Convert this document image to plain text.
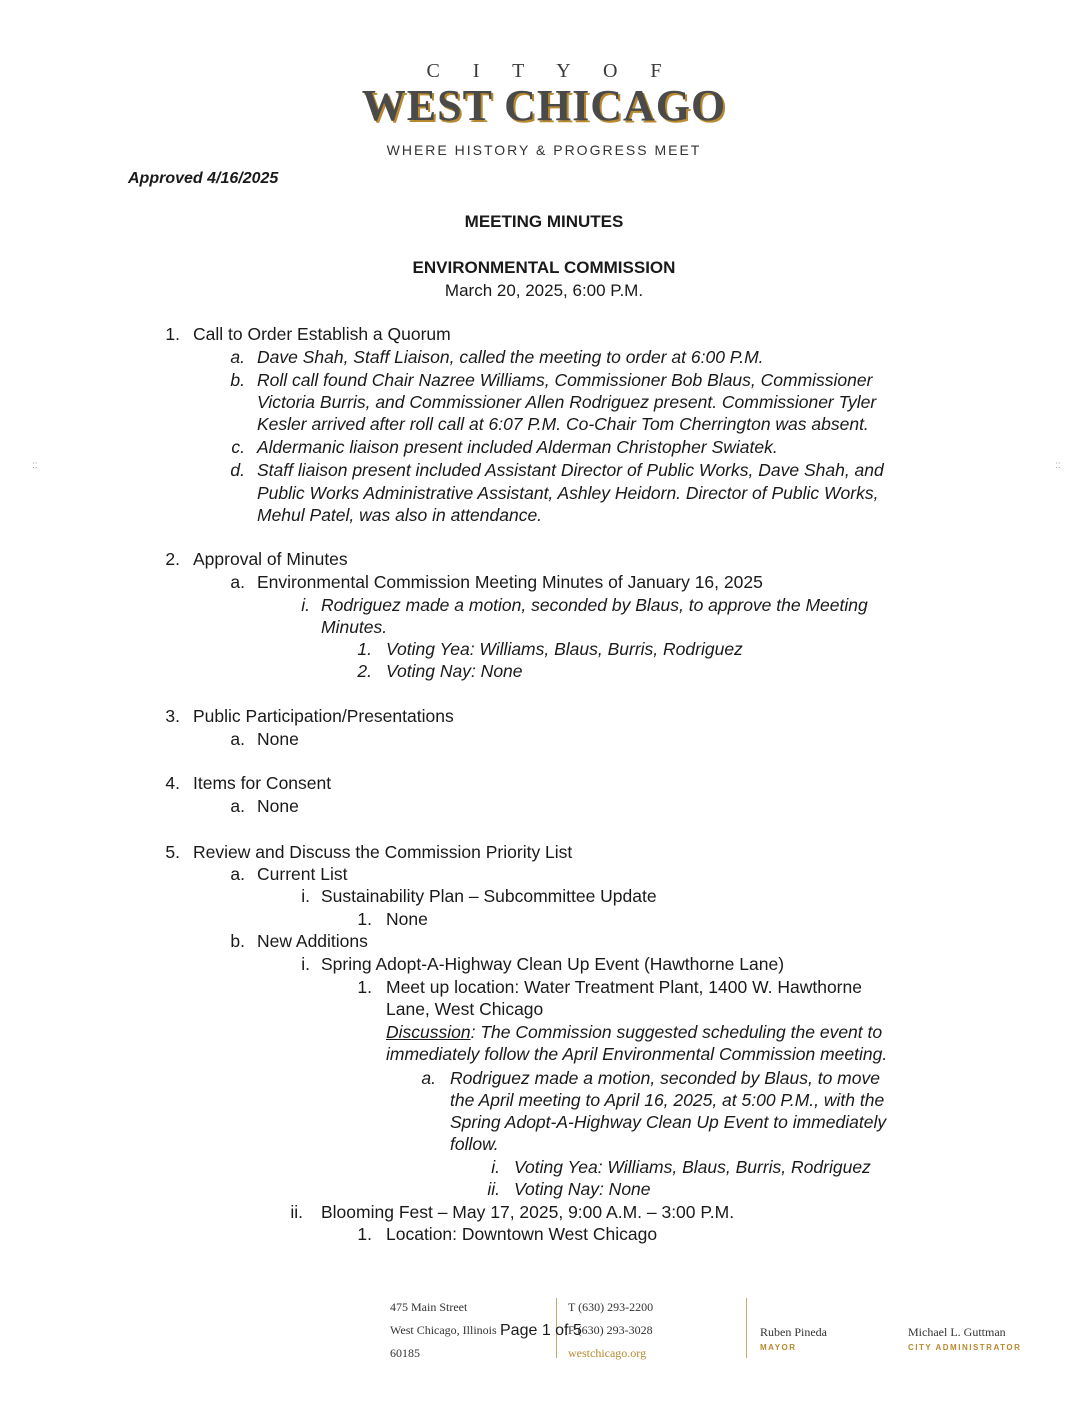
C I T Y O F
WEST CHICAGO
WHERE HISTORY & PROGRESS MEET
Approved 4/16/2025
MEETING MINUTES
ENVIRONMENTAL COMMISSION
March 20, 2025, 6:00 P.M.
1. Call to Order Establish a Quorum
a. Dave Shah, Staff Liaison, called the meeting to order at 6:00 P.M.
b. Roll call found Chair Nazree Williams, Commissioner Bob Blaus, Commissioner
Victoria Burris, and Commissioner Allen Rodriguez present. Commissioner Tyler
Kesler arrived after roll call at 6:07 P.M. Co-Chair Tom Cherrington was absent.
c. Aldermanic liaison present included Alderman Christopher Swiatek.
d. Staff liaison present included Assistant Director of Public Works, Dave Shah, and
Public Works Administrative Assistant, Ashley Heidorn. Director of Public Works,
Mehul Patel, was also in attendance.
2. Approval of Minutes
a. Environmental Commission Meeting Minutes of January 16, 2025
i. Rodriguez made a motion, seconded by Blaus, to approve the Meeting
Minutes.
1. Voting Yea: Williams, Blaus, Burris, Rodriguez
2. Voting Nay: None
3. Public Participation/Presentations
a. None
4. Items for Consent
a. None
5. Review and Discuss the Commission Priority List
a. Current List
i. Sustainability Plan – Subcommittee Update
1. None
b. New Additions
i. Spring Adopt-A-Highway Clean Up Event (Hawthorne Lane)
1. Meet up location: Water Treatment Plant, 1400 W. Hawthorne
Lane, West Chicago
Discussion: The Commission suggested scheduling the event to
immediately follow the April Environmental Commission meeting.
a. Rodriguez made a motion, seconded by Blaus, to move
the April meeting to April 16, 2025, at 5:00 P.M., with the
Spring Adopt-A-Highway Clean Up Event to immediately
follow.
i. Voting Yea: Williams, Blaus, Burris, Rodriguez
ii. Voting Nay: None
ii. Blooming Fest – May 17, 2025, 9:00 A.M. – 3:00 P.M.
1. Location: Downtown West Chicago
::	::
475 Main Street
West Chicago, Illinois
60185
T (630) 293-2200
F (630) 293-3028
westchicago.org
Page 1 of 5	Ruben Pineda
MAYOR
Michael L. Guttman
CITY ADMINISTRATOR
